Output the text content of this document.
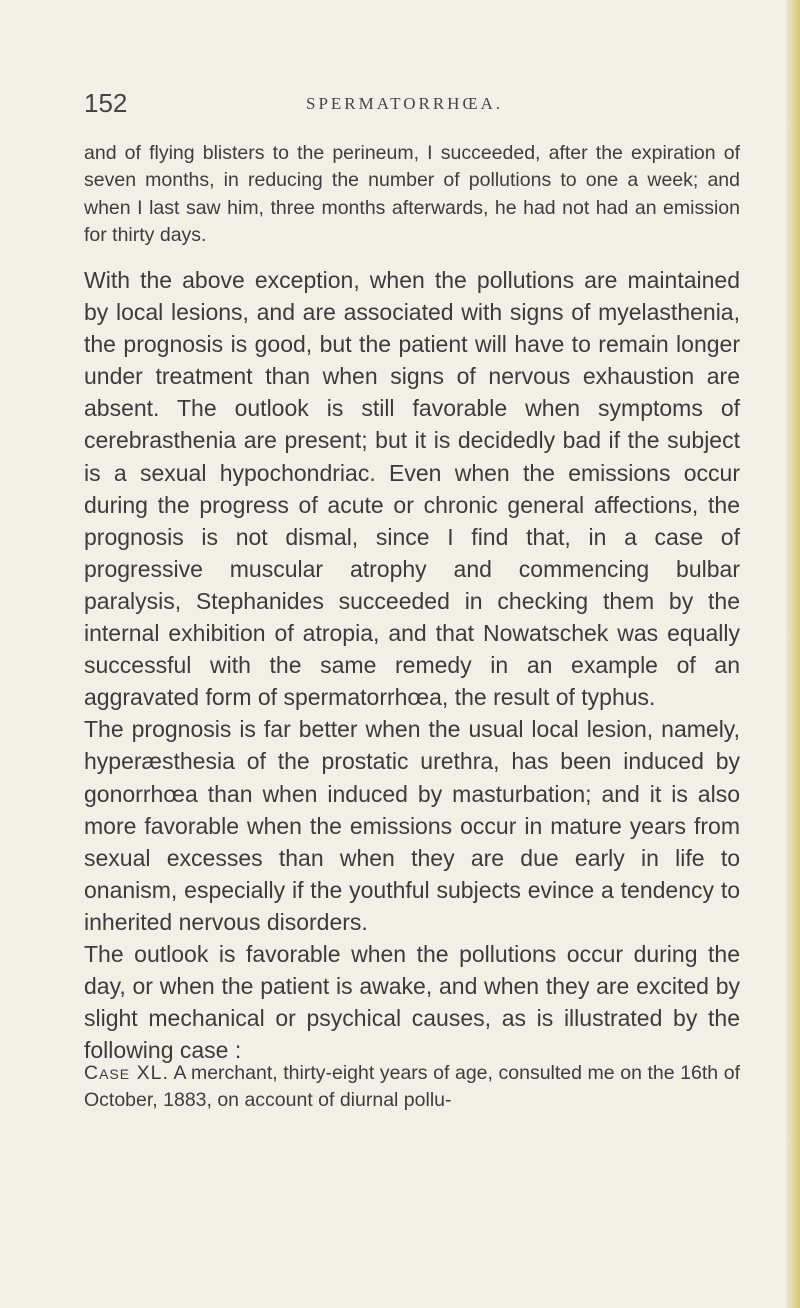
152	SPERMATORRHŒA.

and of flying blisters to the perineum, I succeeded, after the expiration of seven months, in reducing the number of pollutions to one a week; and when I last saw him, three months afterwards, he had not had an emission for thirty days.

With the above exception, when the pollutions are maintained by local lesions, and are associated with signs of myelasthenia, the prognosis is good, but the patient will have to remain longer under treatment than when signs of nervous exhaustion are absent. The outlook is still favorable when symptoms of cerebrasthenia are present; but it is decidedly bad if the subject is a sexual hypochondriac. Even when the emissions occur during the progress of acute or chronic general affections, the prognosis is not dismal, since I find that, in a case of progressive muscular atrophy and commencing bulbar paralysis, Stephanides succeeded in checking them by the internal exhibition of atropia, and that Nowatschek was equally successful with the same remedy in an example of an aggravated form of spermatorrhœa, the result of typhus.

The prognosis is far better when the usual local lesion, namely, hyperæsthesia of the prostatic urethra, has been induced by gonorrhœa than when induced by masturbation; and it is also more favorable when the emissions occur in mature years from sexual excesses than when they are due early in life to onanism, especially if the youthful subjects evince a tendency to inherited nervous disorders.

The outlook is favorable when the pollutions occur during the day, or when the patient is awake, and when they are excited by slight mechanical or psychical causes, as is illustrated by the following case :

Case XL. A merchant, thirty-eight years of age, consulted me on the 16th of October, 1883, on account of diurnal pollu-
